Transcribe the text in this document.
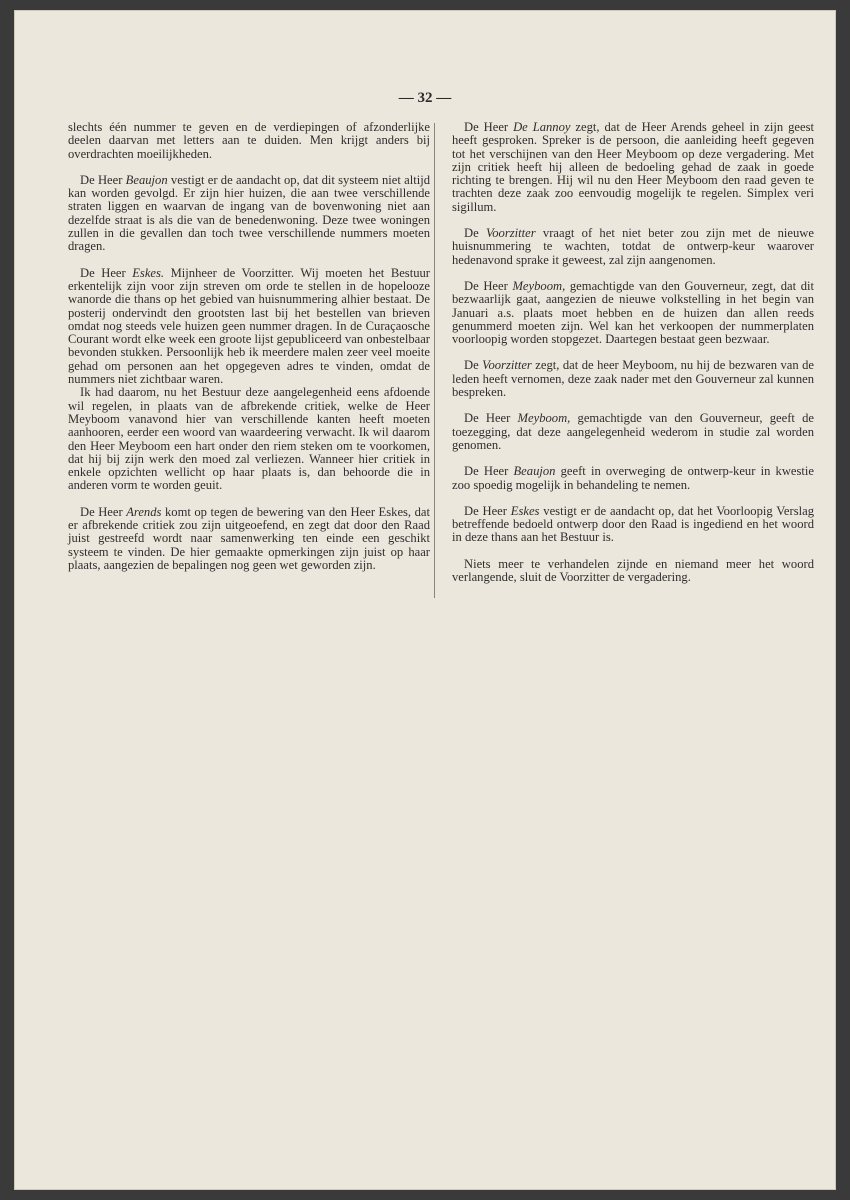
— 32 —

slechts één nummer te geven en de verdiepingen of afzonderlijke deelen daarvan met letters aan te duiden. Men krijgt anders bij overdrachten moeilijkheden.

De Heer Beaujon vestigt er de aandacht op, dat dit systeem niet altijd kan worden gevolgd. Er zijn hier huizen, die aan twee verschillende straten liggen en waarvan de ingang van de bovenwoning niet aan dezelfde straat is als die van de benedenwoning. Deze twee woningen zullen in die gevallen dan toch twee verschillende nummers moeten dragen.

De Heer Eskes. Mijnheer de Voorzitter. Wij moeten het Bestuur erkentelijk zijn voor zijn streven om orde te stellen in de hopelooze wanorde die thans op het gebied van huisnummering alhier bestaat. De posterij ondervindt den grootsten last bij het bestellen van brieven omdat nog steeds vele huizen geen nummer dragen. In de Curaçaosche Courant wordt elke week een groote lijst gepubliceerd van onbestelbaar bevonden stukken. Persoonlijk heb ik meerdere malen zeer veel moeite gehad om personen aan het opgegeven adres te vinden, omdat de nummers niet zichtbaar waren.

Ik had daarom, nu het Bestuur deze aangelegenheid eens afdoende wil regelen, in plaats van de afbrekende critiek, welke de Heer Meyboom vanavond hier van verschillende kanten heeft moeten aanhooren, eerder een woord van waardeering verwacht. Ik wil daarom den Heer Meyboom een hart onder den riem steken om te voorkomen, dat hij bij zijn werk den moed zal verliezen. Wanneer hier critiek in enkele opzichten wellicht op haar plaats is, dan behoorde die in anderen vorm te worden geuit.

De Heer Arends komt op tegen de bewering van den Heer Eskes, dat er afbrekende critiek zou zijn uitgeoefend, en zegt dat door den Raad juist gestreefd wordt naar samenwerking ten einde een geschikt systeem te vinden. De hier gemaakte opmerkingen zijn juist op haar plaats, aangezien de bepalingen nog geen wet geworden zijn.

De Heer De Lannoy zegt, dat de Heer Arends geheel in zijn geest heeft gesproken. Spreker is de persoon, die aanleiding heeft gegeven tot het verschijnen van den Heer Meyboom op deze vergadering. Met zijn critiek heeft hij alleen de bedoeling gehad de zaak in goede richting te brengen. Hij wil nu den Heer Meyboom den raad geven te trachten deze zaak zoo eenvoudig mogelijk te regelen. Simplex veri sigillum.

De Voorzitter vraagt of het niet beter zou zijn met de nieuwe huisnummering te wachten, totdat de ontwerp-keur waarover hedenavond sprake it geweest, zal zijn aangenomen.

De Heer Meyboom, gemachtigde van den Gouverneur, zegt, dat dit bezwaarlijk gaat, aangezien de nieuwe volkstelling in het begin van Januari a.s. plaats moet hebben en de huizen dan allen reeds genummerd moeten zijn. Wel kan het verkoopen der nummerplaten voorloopig worden stopgezet. Daartegen bestaat geen bezwaar.

De Voorzitter zegt, dat de heer Meyboom, nu hij de bezwaren van de leden heeft vernomen, deze zaak nader met den Gouverneur zal kunnen bespreken.

De Heer Meyboom, gemachtigde van den Gouverneur, geeft de toezegging, dat deze aangelegenheid wederom in studie zal worden genomen.

De Heer Beaujon geeft in overweging de ontwerp-keur in kwestie zoo spoedig mogelijk in behandeling te nemen.

De Heer Eskes vestigt er de aandacht op, dat het Voorloopig Verslag betreffende bedoeld ontwerp door den Raad is ingediend en het woord in deze thans aan het Bestuur is.

Niets meer te verhandelen zijnde en niemand meer het woord verlangende, sluit de Voorzitter de vergadering.
